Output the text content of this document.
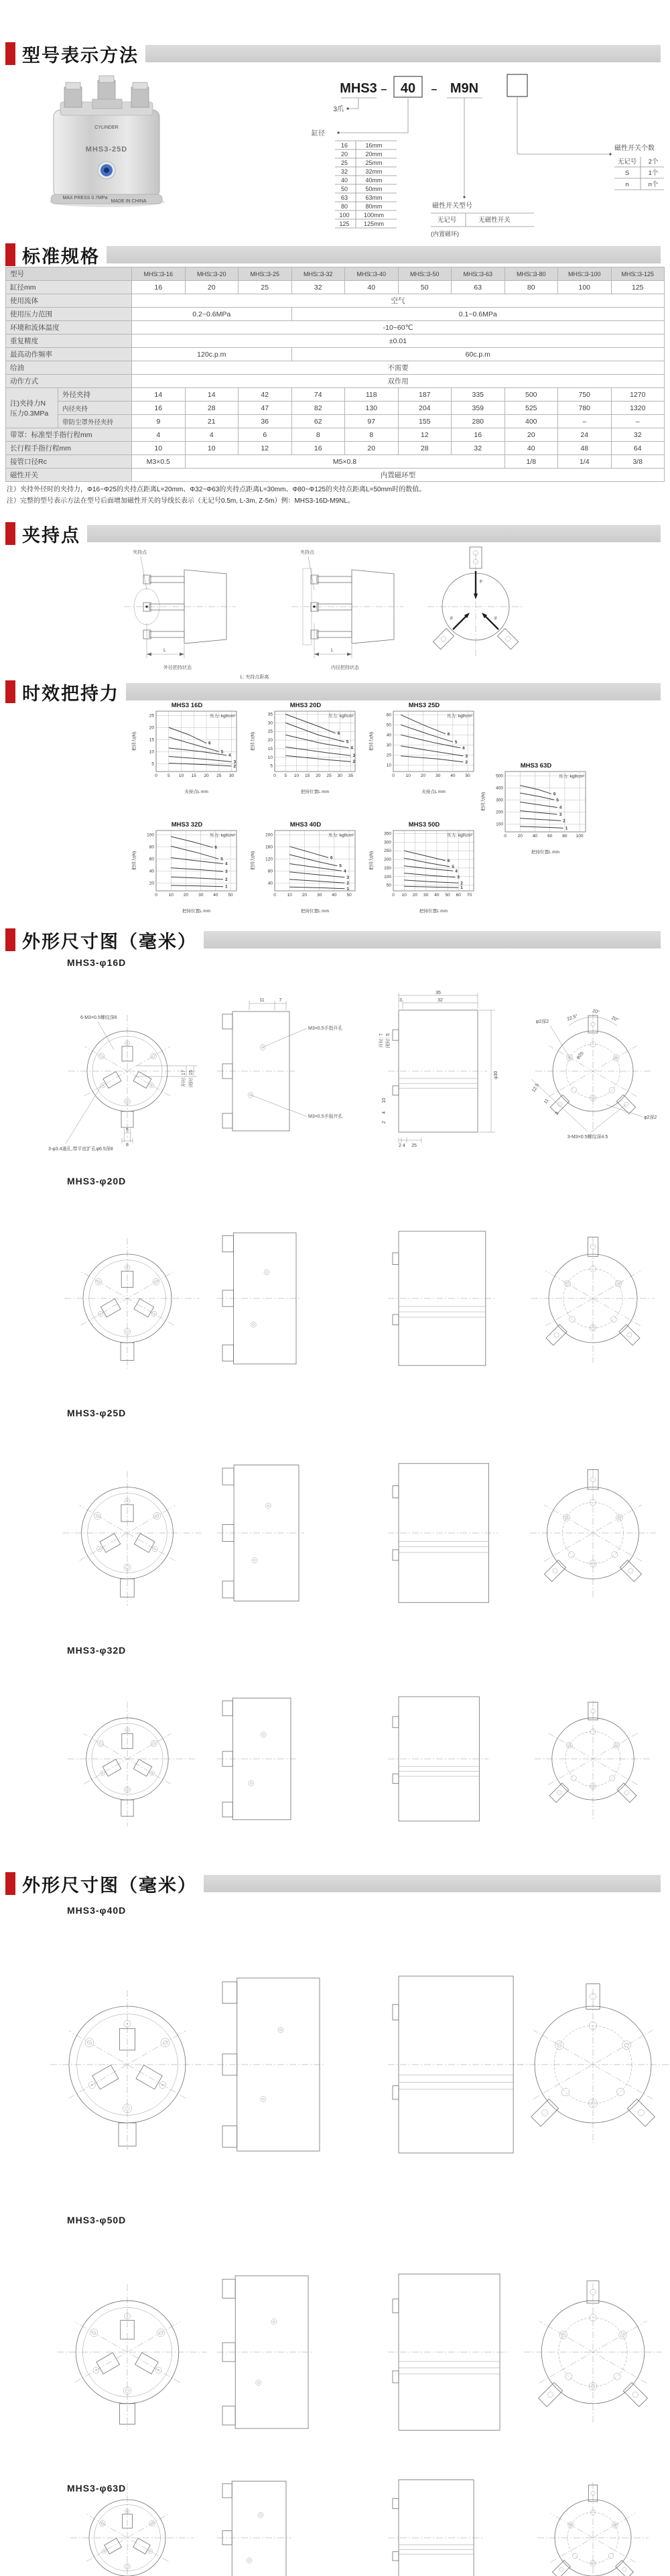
型号表示方法
CYLINDER
MHS3-25D
MAX PRESS 0.7MPa
MADE IN CHINA
MHS3 – 40 – M9N
3爪
缸径
16	16mm
20	20mm
25	25mm
32	32mm
40	40mm
50	50mm
63	63mm
80	80mm
100 100mm
125 125mm
磁性开关型号
无记号	无磁性开关
(内置磁环)
磁性开关个数
无记号 2个
S	1个
n	n个
标准规格
型号		MHS□3-16	MHS□3-20	MHS□3-25	MHS□3-32	MHS□3-40	MHS□3-50	MHS□3-63	MHS□3-80	MHS□3-100	MHS□3-125
缸径mm		16	20	25	32	40	50	63	80	100	125
使用流体		空气									
使用压力范围		0.2~0.6MPa			0.1~0.6MPa						
环境和流体温度		-10~60℃									
重复精度		±0.01									
最高动作频率		120c.p.m			60c.p.m						
给油		不需要									
动作方式		双作用									
注)夹持力N
压力0.3MPa	外径夹持	14	14	42	74	118	187	335	500	750	1270
	内径夹持	16	28	47	82	130	204	359	525	780	1320
	带防尘罩外径夹持	9	21	36	62	97	155	280	400	–	–
带罩：标准型手指行程mm		4	4	6	8	8	12	16	20	24	32
长行程手指行程mm		10	10	12	16	20	28	32	40	48	64
接管口径Rc		M3×0.5	M5×0.8						1/8	1/4	3/8
磁性开关		内置磁环型									
注）夹持外径时的夹持力，Φ16~Φ25的夹持点距离L=20mm、Φ32~Φ63的夹持点距离L=30mm、Φ80~Φ125的夹持点距离L=50mm时的数值。
注）完整的型号表示方法在型号后面增加磁性开关的导线长表示（无记号0.5m, L-3m, Z-5m）例：MHS3-16D-M9NL。
夹持点
夹持点
L
外径把持状态
夹持点
L
内径把持状态
L: 夹持点距离
F
F	F
时效把持力
MHS3 16D
5
10
15
20
25
0 5 10 15 20 25 30
压力: kgf/cm²
6
5
4
3
2
夹持点L mm
把持力(N)
MHS3 20D
5
10
15
20
25
30
35
0 5 10 15 20 25 30 35
压力: kgf/cm²
6
5
4
3
2
把持位置L mm
把持力(N)
MHS3 25D
10
20
30
40
50
60
0	10 20 30 40 50
压力: kgf/cm²
6
5
4
3
2
夹持点L mm
把持力(N)
MHS3 32D
20
40
60
80
100
0	10 20 30 40 50
压力: kgf/cm²
6
5
4
3
2
1
把持位置L mm
把持力(N)
MHS3 40D
40
80
120
160
200
0	10 20 30 40 50
压力: kgf/cm²
6
5
4
3
2
1
把持位置L mm
把持力(N)
MHS3 50D
50
100
150
200
250
300
350
0 10 20 30 40 50 60 70
压力: kgf/cm²
6
5
4
3
2
1
把持位置L mm
把持力(N)
MHS3 63D
100
200
300
400
500
0	20 40 60 80 100
压力: kgf/cm²
6
5
4
3
2
1
把持位置L mm
把持力(N)
外形尺寸图（毫米）
外形尺寸图（毫米）
MHS3-φ16D
5
8
开时: 17 闭时: 15
6-M3×0.5螺纹深6
3-φ3.4通孔,带平底扩孔φ6.5深8
11	7
M3×0.5手指开孔
M3×0.5手指开孔
35
32
3
φ30
开时: 7 闭时: 5
10
4
2
2 4 25
22.5°
20°
20°
φ25
12.5
11
3
φ2深2
φ2深2
3-M3×0.5螺纹深4.5
MHS3-φ20D
MHS3-φ25D
MHS3-φ32D
MHS3-φ40D
MHS3-φ50D
MHS3-φ63D
